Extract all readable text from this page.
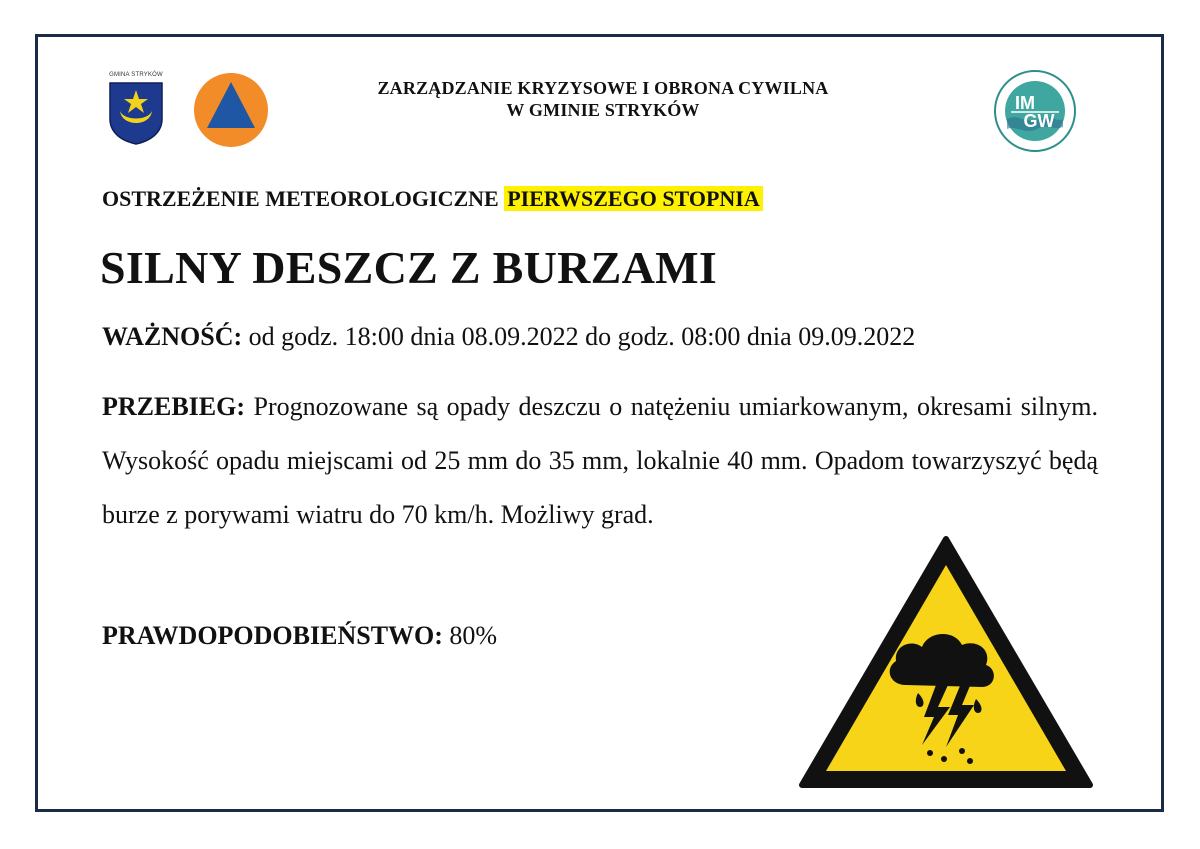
GMINA STRYKÓW
ZARZĄDZANIE KRYZYSOWE I OBRONA CYWILNA
W GMINIE STRYKÓW	IM
GW
OSTRZEŻENIE METEOROLOGICZNE PIERWSZEGO STOPNIA
SILNY DESZCZ Z BURZAMI
WAŻNOŚĆ: od godz. 18:00 dnia 08.09.2022 do godz. 08:00 dnia 09.09.2022
PRZEBIEG: Prognozowane są opady deszczu o natężeniu umiarkowanym, okresami silnym. Wysokość opadu miejscami od 25 mm do 35 mm, lokalnie 40 mm. Opadom towarzyszyć będą burze z porywami wiatru do 70 km/h. Możliwy grad.
PRAWDOPODOBIEŃSTWO: 80%
